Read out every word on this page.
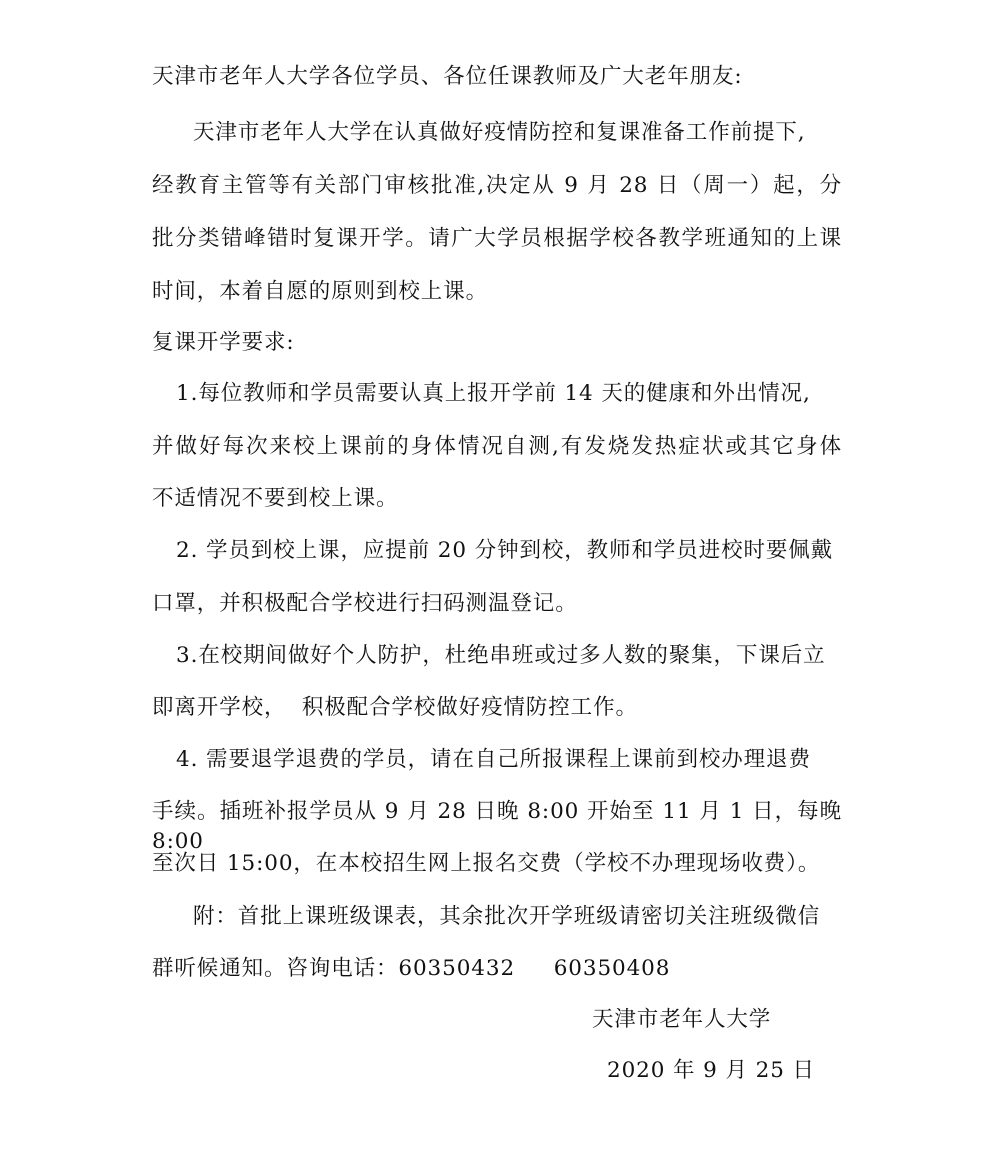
天津市老年人大学各位学员、各位任课教师及广大老年朋友:
天津市老年人大学在认真做好疫情防控和复课准备工作前提下,
经教育主管等有关部门审核批准,决定从 9 月 28 日（周一）起，分
批分类错峰错时复课开学。请广大学员根据学校各教学班通知的上课
时间，本着自愿的原则到校上课。
复课开学要求:
1.每位教师和学员需要认真上报开学前 14 天的健康和外出情况,
并做好每次来校上课前的身体情况自测,有发烧发热症状或其它身体
不适情况不要到校上课。
2. 学员到校上课，应提前 20 分钟到校，教师和学员进校时要佩戴
口罩，并积极配合学校进行扫码测温登记。
3.在校期间做好个人防护，杜绝串班或过多人数的聚集，下课后立
即离开学校，  积极配合学校做好疫情防控工作。
4. 需要退学退费的学员，请在自己所报课程上课前到校办理退费
手续。插班补报学员从 9 月 28 日晚 8:00 开始至 11 月 1 日，每晚 8:00
至次日 15:00，在本校招生网上报名交费（学校不办理现场收费）。
附：首批上课班级课表，其余批次开学班级请密切关注班级微信
群听候通知。咨询电话：60350432     60350408
天津市老年人大学
2020 年 9 月 25 日
